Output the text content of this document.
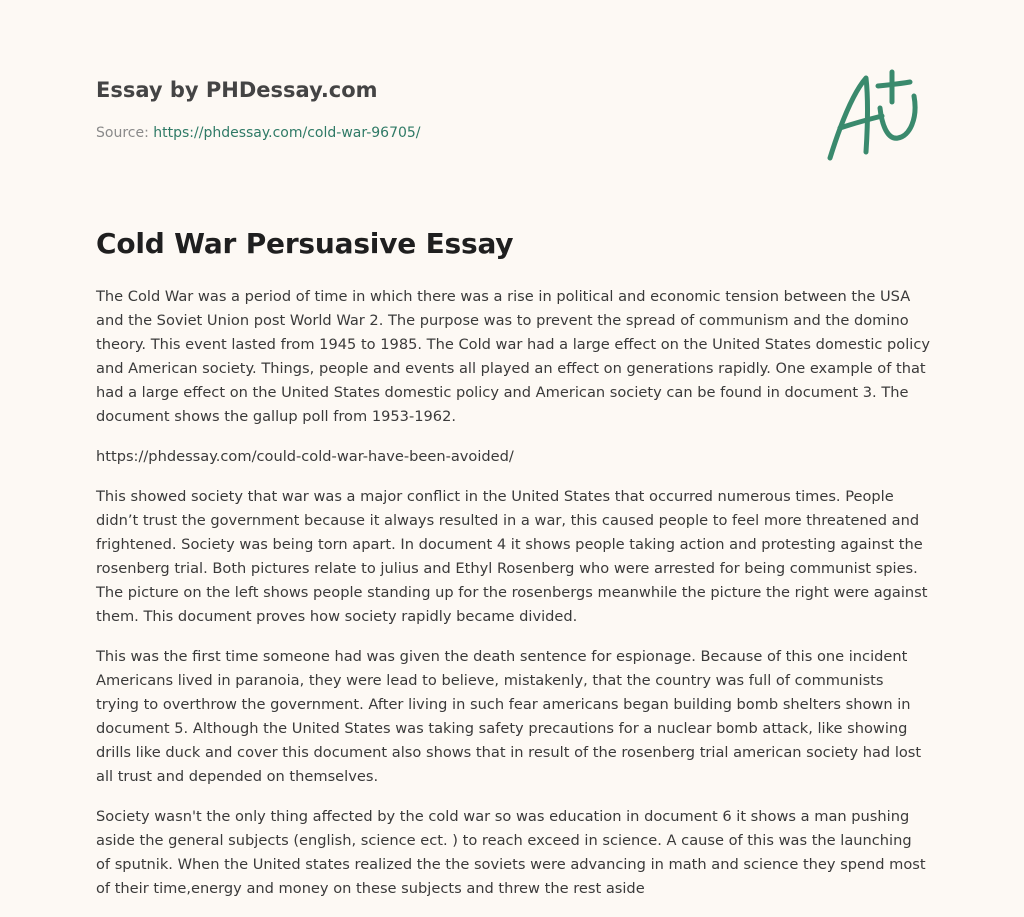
Essay by PHDessay.com
Source: https://phdessay.com/cold-war-96705/
Cold War Persuasive Essay

The Cold War was a period of time in which there was a rise in political and economic tension between the USA and the Soviet Union post World War 2. The purpose was to prevent the spread of communism and the domino theory. This event lasted from 1945 to 1985. The Cold war had a large effect on the United States domestic policy and American society. Things, people and events all played an effect on generations rapidly. One example of that had a large effect on the United States domestic policy and American society can be found in document 3. The document shows the gallup poll from 1953-1962.

https://phdessay.com/could-cold-war-have-been-avoided/

This showed society that war was a major conflict in the United States that occurred numerous times. People didn’t trust the government because it always resulted in a war, this caused people to feel more threatened and frightened. Society was being torn apart. In document 4 it shows people taking action and protesting against the rosenberg trial. Both pictures relate to julius and Ethyl Rosenberg who were arrested for being communist spies. The picture on the left shows people standing up for the rosenbergs meanwhile the picture the right were against them. This document proves how society rapidly became divided.

This was the first time someone had was given the death sentence for espionage. Because of this one incident Americans lived in paranoia, they were lead to believe, mistakenly, that the country was full of communists trying to overthrow the government. After living in such fear americans began building bomb shelters shown in document 5. Although the United States was taking safety precautions for a nuclear bomb attack, like showing drills like duck and cover this document also shows that in result of the rosenberg trial american society had lost all trust and depended on themselves.

Society wasn't the only thing affected by the cold war so was education in document 6 it shows a man pushing aside the general subjects (english, science ect. ) to reach exceed in science. A cause of this was the launching of sputnik. When the United states realized the the soviets were advancing in math and science they spend most of their time,energy and money on these subjects and threw the rest aside
